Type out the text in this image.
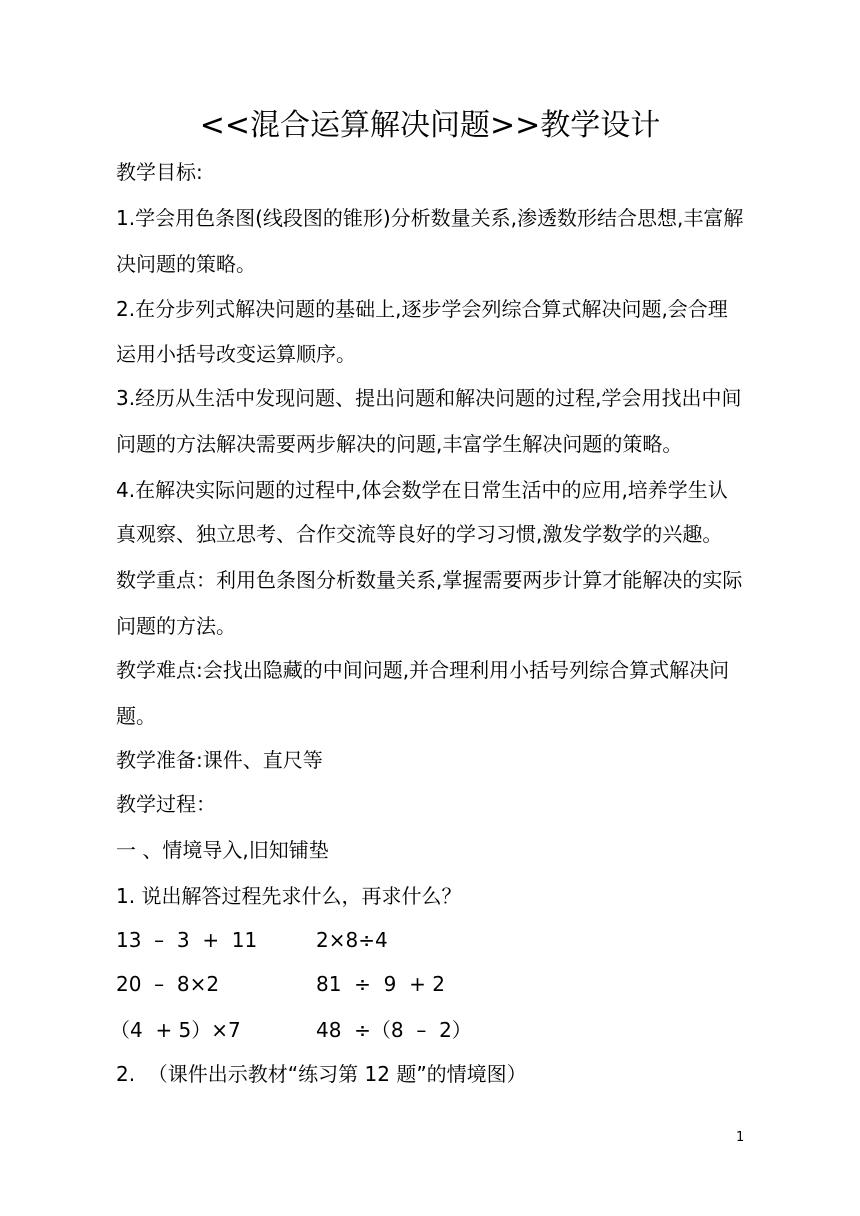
<<混合运算解决问题>>教学设计
教学目标:
1.学会用色条图(线段图的锥形)分析数量关系,渗透数形结合思想,丰富解
决问题的策略。
2.在分步列式解决问题的基础上,逐步学会列综合算式解决问题,会合理
运用小括号改变运算顺序。
3.经历从生活中发现问题、提出问题和解决问题的过程,学会用找出中间
问题的方法解决需要两步解决的问题,丰富学生解决问题的策略。
4.在解决实际问题的过程中,体会数学在日常生活中的应用,培养学生认
真观察、独立思考、合作交流等良好的学习习惯,激发学数学的兴趣。
数学重点：利用色条图分析数量关系,掌握需要两步计算才能解决的实际
问题的方法。
教学难点:会找出隐藏的中间问题,并合理利用小括号列综合算式解决问
题。
教学准备:课件、直尺等
教学过程：
一 、情境导入,旧知铺垫
1. 说出解答过程先求什么，再求什么？
13  –  3  +  11	2×8÷4
20  –  8×2	81  ÷  9  + 2
（4  + 5）×7	48  ÷（8  –  2）
2.  （课件出示教材“练习第 12 题”的情境图）
1
